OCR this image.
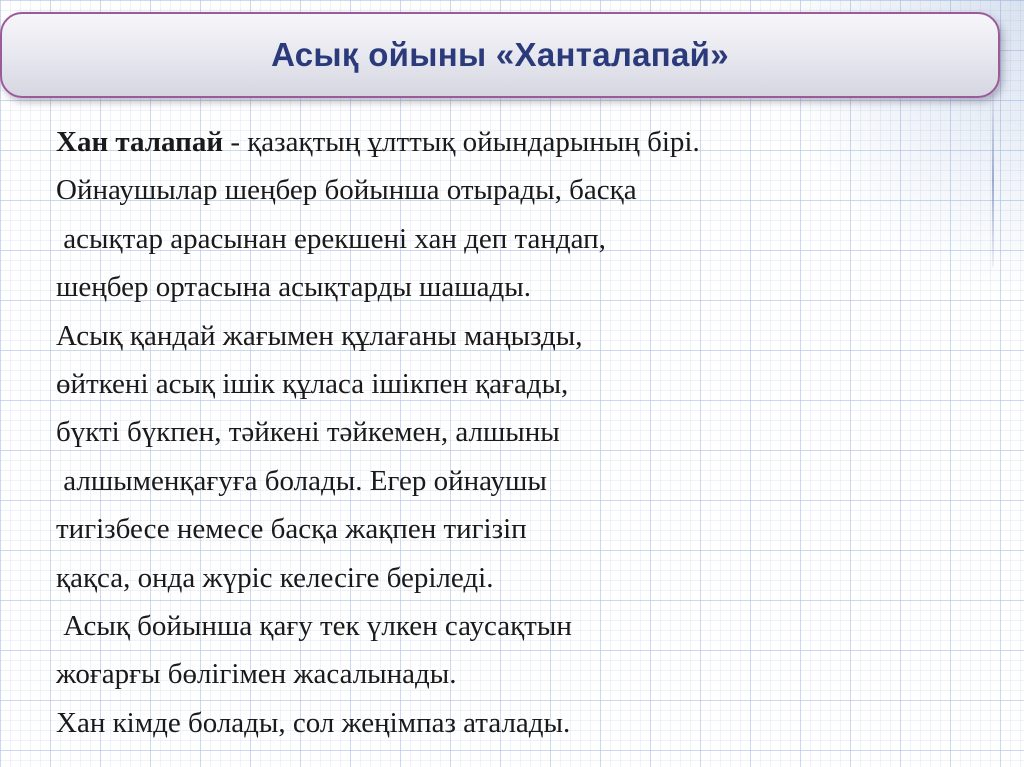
Асық ойыны «Ханталапай»
Хан талапай - қазақтың ұлттық ойындарының бірі.
Ойнаушылар шеңбер бойынша отырады, басқа
асықтар арасынан ерекшені хан деп тандап,
шеңбер ортасына асықтарды шашады.
Асық қандай жағымен құлағаны маңызды,
өйткені асық ішік құласа ішікпен қағады,
бүкті бүкпен, тәйкені тәйкемен, алшыны
алшыменқағуға болады. Егер ойнаушы
тигізбесе немесе басқа жақпен тигізіп
қақса, онда жүріс келесіге беріледі.
Асық бойынша қағу тек үлкен саусақтын
жоғарғы бөлігімен жасалынады.
Хан кімде болады, сол жеңімпаз аталады.
